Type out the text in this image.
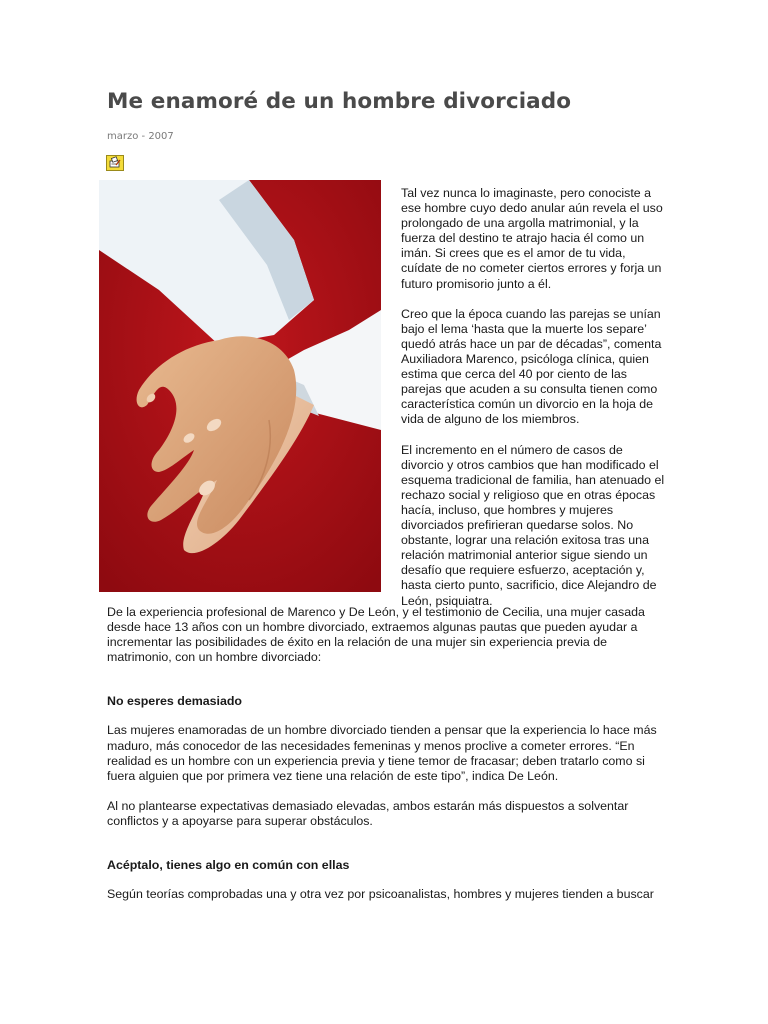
Me enamoré de un hombre divorciado
marzo - 2007

Tal vez nunca lo imaginaste, pero conociste a ese hombre cuyo dedo anular aún revela el uso prolongado de una argolla matrimonial, y la fuerza del destino te atrajo hacia él como un imán. Si crees que es el amor de tu vida, cuídate de no cometer ciertos errores y forja un futuro promisorio junto a él.

Creo que la época cuando las parejas se unían bajo el lema ‘hasta que la muerte los separe’ quedó atrás hace un par de décadas”, comenta Auxiliadora Marenco, psicóloga clínica, quien estima que cerca del 40 por ciento de las parejas que acuden a su consulta tienen como característica común un divorcio en la hoja de vida de alguno de los miembros.

El incremento en el número de casos de divorcio y otros cambios que han modificado el esquema tradicional de familia, han atenuado el rechazo social y religioso que en otras épocas hacía, incluso, que hombres y mujeres divorciados prefirieran quedarse solos. No obstante, lograr una relación exitosa tras una relación matrimonial anterior sigue siendo un desafío que requiere esfuerzo, aceptación y, hasta cierto punto, sacrificio, dice Alejandro de León, psiquiatra.

De la experiencia profesional de Marenco y De León, y el testimonio de Cecilia, una mujer casada desde hace 13 años con un hombre divorciado, extraemos algunas pautas que pueden ayudar a incrementar las posibilidades de éxito en la relación de una mujer sin experiencia previa de matrimonio, con un hombre divorciado:

No esperes demasiado

Las mujeres enamoradas de un hombre divorciado tienden a pensar que la experiencia lo hace más maduro, más conocedor de las necesidades femeninas y menos proclive a cometer errores. “En realidad es un hombre con un experiencia previa y tiene temor de fracasar; deben tratarlo como si fuera alguien que por primera vez tiene una relación de este tipo”, indica De León.

Al no plantearse expectativas demasiado elevadas, ambos estarán más dispuestos a solventar conflictos y a apoyarse para superar obstáculos.

Acéptalo, tienes algo en común con ellas

Según teorías comprobadas una y otra vez por psicoanalistas, hombres y mujeres tienden a buscar
